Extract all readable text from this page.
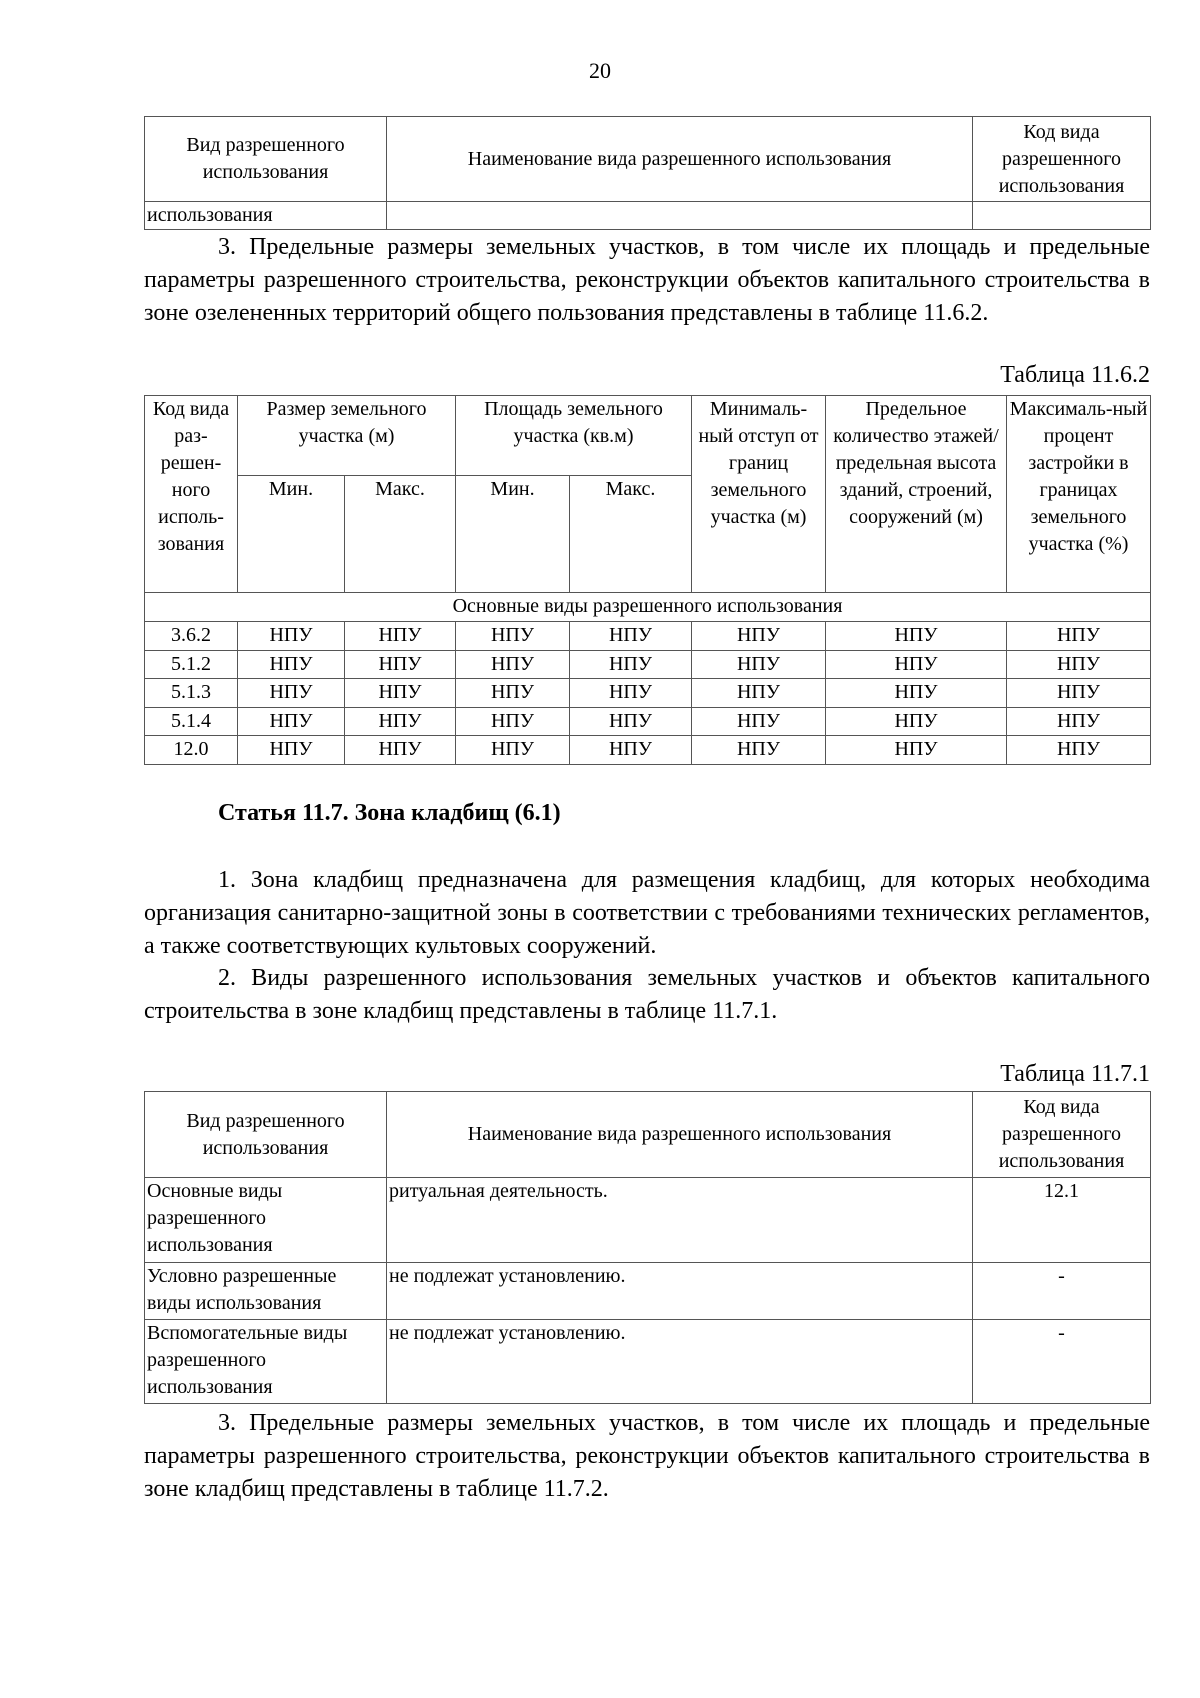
20
Вид разрешенного использования	Наименование вида разрешенного использования	Код вида разрешенного использования
использования		

3. Предельные размеры земельных участков, в том числе их площадь и предельные параметры разрешенного строительства, реконструкции объектов капитального строительства в зоне озелененных территорий общего пользования представлены в таблице 11.6.2.

Таблица 11.6.2
Код вида раз-решен-ного исполь-зования	Размер земельного участка (м)		Площадь земельного участка (кв.м)		Минималь-ный отступ от границ земельного участка (м)	Предельное количество этажей/ предельная высота зданий, строений, сооружений (м)	Максималь-ный процент застройки в границах земельного участка (%)
	Мин.	Макс.	Мин.	Макс.			
Основные виды разрешенного использования							
3.6.2	НПУ	НПУ	НПУ	НПУ	НПУ	НПУ	НПУ
5.1.2	НПУ	НПУ	НПУ	НПУ	НПУ	НПУ	НПУ
5.1.3	НПУ	НПУ	НПУ	НПУ	НПУ	НПУ	НПУ
5.1.4	НПУ	НПУ	НПУ	НПУ	НПУ	НПУ	НПУ
12.0	НПУ	НПУ	НПУ	НПУ	НПУ	НПУ	НПУ
Статья 11.7. Зона кладбищ (6.1)

1. Зона кладбищ предназначена для размещения кладбищ, для которых необходима организация санитарно-защитной зоны в соответствии с требованиями технических регламентов, а также соответствующих культовых сооружений.

2. Виды разрешенного использования земельных участков и объектов капитального строительства в зоне кладбищ представлены в таблице 11.7.1.

Таблица 11.7.1
Вид разрешенного использования	Наименование вида разрешенного использования	Код вида разрешенного использования
Основные виды разрешенного использования	ритуальная деятельность.	12.1
Условно разрешенные виды использования	не подлежат установлению.	-
Вспомогательные виды разрешенного использования	не подлежат установлению.	-

3. Предельные размеры земельных участков, в том числе их площадь и предельные параметры разрешенного строительства, реконструкции объектов капитального строительства в зоне кладбищ представлены в таблице 11.7.2.
